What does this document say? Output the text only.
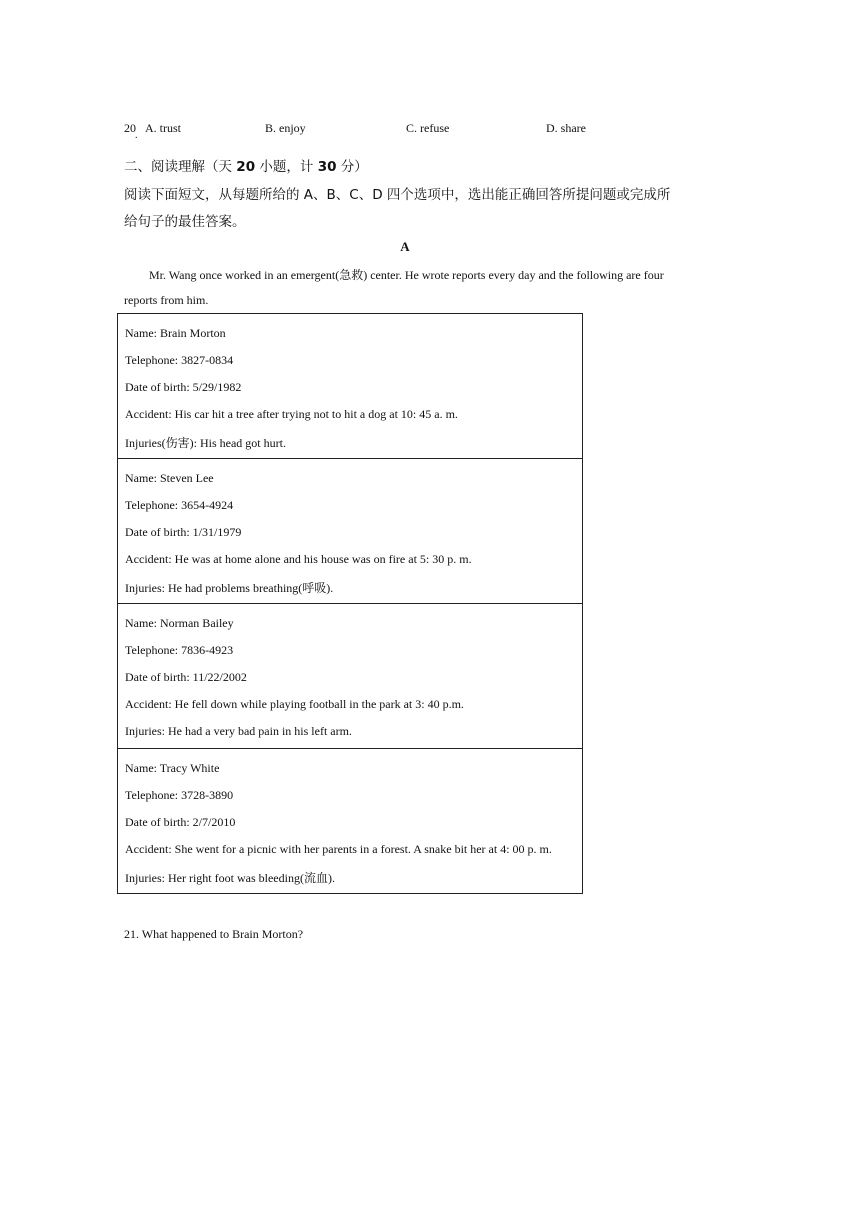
20
.
A. trust	B. enjoy	C. refuse	D. share
二、阅读理解（天 20 小题，计 30 分）
阅读下面短文，从每题所给的 A、B、C、D 四个选项中，选出能正确回答所提问题或完成所
给句子的最佳答案。
A
Mr. Wang once worked in an emergent(急救) center. He wrote reports every day and the following are four
reports from him.
Name: Brain Morton
Telephone: 3827-0834
Date of birth: 5/29/1982
Accident: His car hit a tree after trying not to hit a dog at 10: 45 a. m.
Injuries(伤害): His head got hurt.
Name: Steven Lee
Telephone: 3654-4924
Date of birth: 1/31/1979
Accident: He was at home alone and his house was on fire at 5: 30 p. m.
Injuries: He had problems breathing(呼吸).
Name: Norman Bailey
Telephone: 7836-4923
Date of birth: 11/22/2002
Accident: He fell down while playing football in the park at 3: 40 p.m.
Injuries: He had a very bad pain in his left arm.
Name: Tracy White
Telephone: 3728-3890
Date of birth: 2/7/2010
Accident: She went for a picnic with her parents in a forest. A snake bit her at 4: 00 p. m.
Injuries: Her right foot was bleeding(流血).
21. What happened to Brain Morton?
